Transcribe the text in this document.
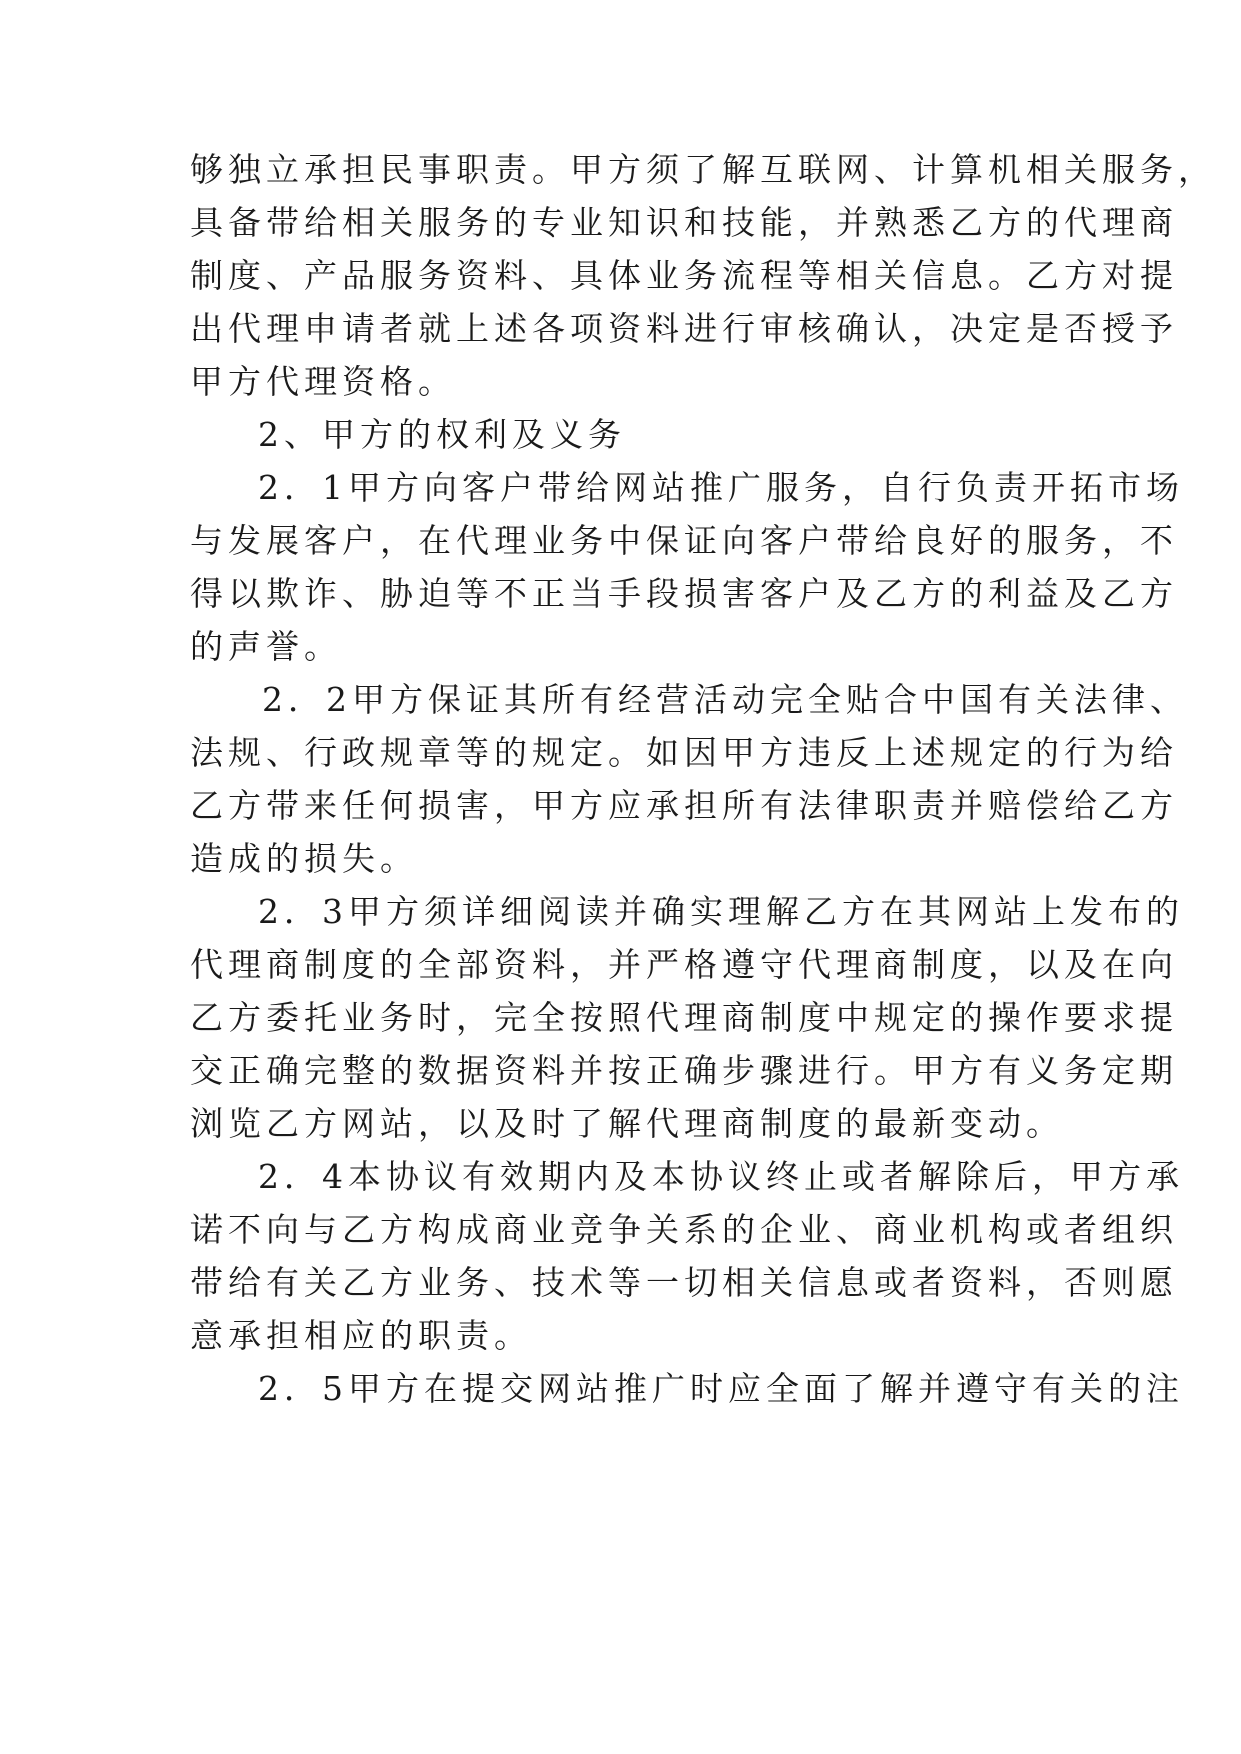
够独立承担民事职责。甲方须了解互联网、计算机相关服务，

具备带给相关服务的专业知识和技能，并熟悉乙方的代理商

制度、产品服务资料、具体业务流程等相关信息。乙方对提

出代理申请者就上述各项资料进行审核确认，决定是否授予

甲方代理资格。

2、甲方的权利及义务

2．1甲方向客户带给网站推广服务，自行负责开拓市场

与发展客户，在代理业务中保证向客户带给良好的服务，不

得以欺诈、胁迫等不正当手段损害客户及乙方的利益及乙方

的声誉。

2．2甲方保证其所有经营活动完全贴合中国有关法律、

法规、行政规章等的规定。如因甲方违反上述规定的行为给

乙方带来任何损害，甲方应承担所有法律职责并赔偿给乙方

造成的损失。

2．3甲方须详细阅读并确实理解乙方在其网站上发布的

代理商制度的全部资料，并严格遵守代理商制度，以及在向

乙方委托业务时，完全按照代理商制度中规定的操作要求提

交正确完整的数据资料并按正确步骤进行。甲方有义务定期

浏览乙方网站，以及时了解代理商制度的最新变动。

2．4本协议有效期内及本协议终止或者解除后，甲方承

诺不向与乙方构成商业竞争关系的企业、商业机构或者组织

带给有关乙方业务、技术等一切相关信息或者资料，否则愿

意承担相应的职责。

2．5甲方在提交网站推广时应全面了解并遵守有关的注
